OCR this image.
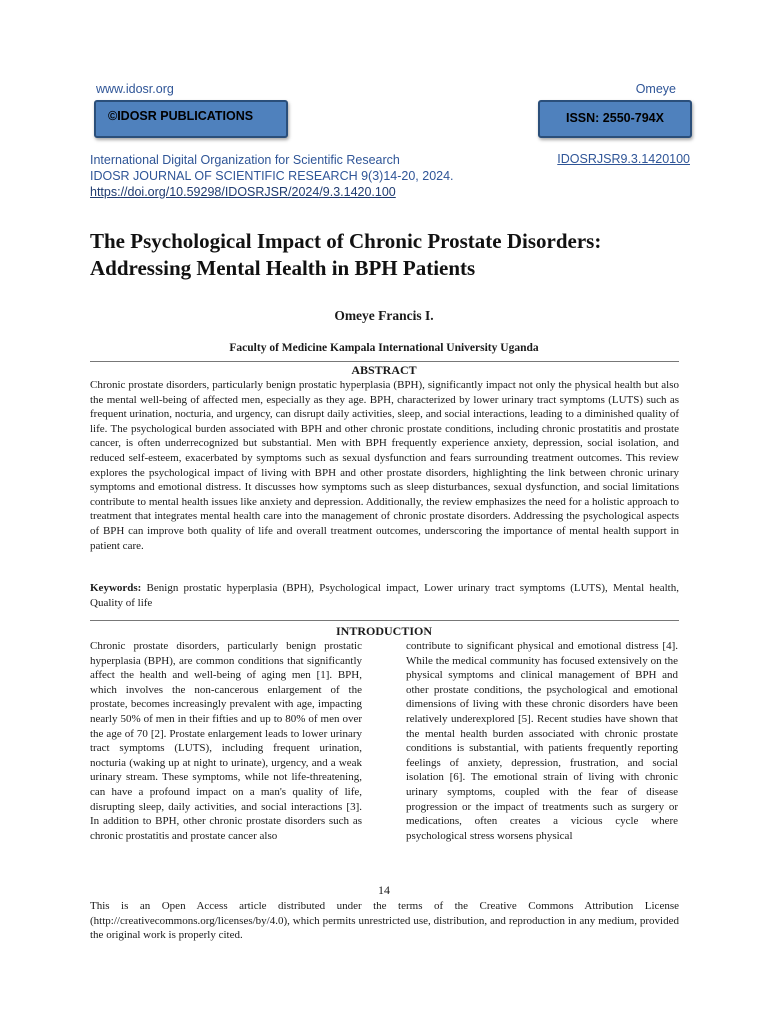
www.idosr.org	Omeye
©IDOSR PUBLICATIONS	ISSN: 2550-794X
International Digital Organization for Scientific Research
IDOSR JOURNAL OF SCIENTIFIC RESEARCH 9(3)14-20, 2024.
https://doi.org/10.59298/IDOSRJSR/2024/9.3.1420.100
IDOSRJSR9.3.1420100
The Psychological Impact of Chronic Prostate Disorders: Addressing Mental Health in BPH Patients
Omeye Francis I.
Faculty of Medicine Kampala International University Uganda
ABSTRACT
Chronic prostate disorders, particularly benign prostatic hyperplasia (BPH), significantly impact not only the physical health but also the mental well-being of affected men, especially as they age. BPH, characterized by lower urinary tract symptoms (LUTS) such as frequent urination, nocturia, and urgency, can disrupt daily activities, sleep, and social interactions, leading to a diminished quality of life. The psychological burden associated with BPH and other chronic prostate conditions, including chronic prostatitis and prostate cancer, is often underrecognized but substantial. Men with BPH frequently experience anxiety, depression, social isolation, and reduced self-esteem, exacerbated by symptoms such as sexual dysfunction and fears surrounding treatment outcomes. This review explores the psychological impact of living with BPH and other prostate disorders, highlighting the link between chronic urinary symptoms and emotional distress. It discusses how symptoms such as sleep disturbances, sexual dysfunction, and social limitations contribute to mental health issues like anxiety and depression. Additionally, the review emphasizes the need for a holistic approach to treatment that integrates mental health care into the management of chronic prostate disorders. Addressing the psychological aspects of BPH can improve both quality of life and overall treatment outcomes, underscoring the importance of mental health support in patient care.
Keywords: Benign prostatic hyperplasia (BPH), Psychological impact, Lower urinary tract symptoms (LUTS), Mental health, Quality of life
INTRODUCTION
Chronic prostate disorders, particularly benign prostatic hyperplasia (BPH), are common conditions that significantly affect the health and well-being of aging men [1]. BPH, which involves the non-cancerous enlargement of the prostate, becomes increasingly prevalent with age, impacting nearly 50% of men in their fifties and up to 80% of men over the age of 70 [2]. Prostate enlargement leads to lower urinary tract symptoms (LUTS), including frequent urination, nocturia (waking up at night to urinate), urgency, and a weak urinary stream. These symptoms, while not life-threatening, can have a profound impact on a man's quality of life, disrupting sleep, daily activities, and social interactions [3]. In addition to BPH, other chronic prostate disorders such as chronic prostatitis and prostate cancer also
contribute to significant physical and emotional distress [4]. While the medical community has focused extensively on the physical symptoms and clinical management of BPH and other prostate conditions, the psychological and emotional dimensions of living with these chronic disorders have been relatively underexplored [5]. Recent studies have shown that the mental health burden associated with chronic prostate conditions is substantial, with patients frequently reporting feelings of anxiety, depression, frustration, and social isolation [6]. The emotional strain of living with chronic urinary symptoms, coupled with the fear of disease progression or the impact of treatments such as surgery or medications, often creates a vicious cycle where psychological stress worsens physical
14
This is an Open Access article distributed under the terms of the Creative Commons Attribution License (http://creativecommons.org/licenses/by/4.0), which permits unrestricted use, distribution, and reproduction in any medium, provided the original work is properly cited.
